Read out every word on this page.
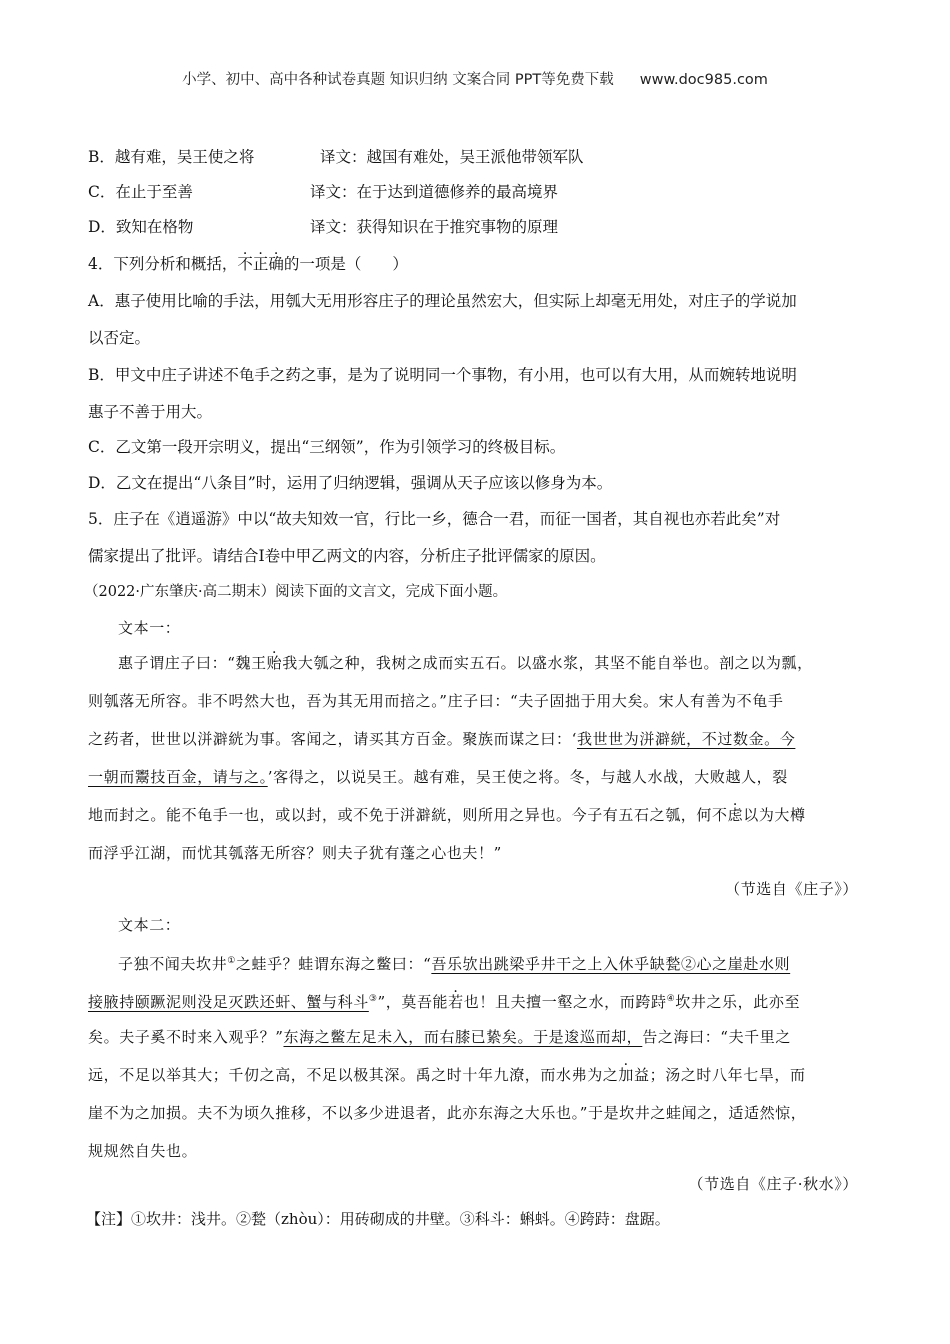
小学、初中、高中各种试卷真题 知识归纳 文案合同 PPT等免费下载 www.doc985.com
B．越有难，吴王使之将	译文：越国有难处，吴王派他带领军队
C．在止于至善	译文：在于达到道德修养的最高境界
D．致知在格物	译文：获得知识在于推究事物的原理
4．下列分析和概括，不正确的一项是（　　）
A．惠子使用比喻的手法，用瓠大无用形容庄子的理论虽然宏大，但实际上却毫无用处，对庄子的学说加
以否定。
B．甲文中庄子讲述不龟手之药之事，是为了说明同一个事物，有小用，也可以有大用，从而婉转地说明
惠子不善于用大。
C．乙文第一段开宗明义，提出“三纲领”，作为引领学习的终极目标。
D．乙文在提出“八条目”时，运用了归纳逻辑，强调从天子应该以修身为本。
5．庄子在《逍遥游》中以“故夫知效一官，行比一乡，德合一君，而征一国者，其自视也亦若此矣”对
儒家提出了批评。请结合Ⅰ卷中甲乙两文的内容，分析庄子批评儒家的原因。
（2022·广东肇庆·高二期末）阅读下面的文言文，完成下面小题。
文本一：
惠子谓庄子曰：“魏王贻我大瓠之种，我树之成而实五石。以盛水浆，其坚不能自举也。剖之以为瓢，
则瓠落无所容。非不呺然大也，吾为其无用而掊之。”庄子曰：“夫子固拙于用大矣。宋人有善为不龟手
之药者，世世以洴澼絖为事。客闻之，请买其方百金。聚族而谋之曰：‘我世世为洴澼絖，不过数金。今
一朝而鬻技百金，请与之。’客得之，以说吴王。越有难，吴王使之将。冬，与越人水战，大败越人，裂
地而封之。能不龟手一也，或以封，或不免于洴澼絖，则所用之异也。今子有五石之瓠，何不虑以为大樽
而浮乎江湖，而忧其瓠落无所容？则夫子犹有蓬之心也夫！”
（节选自《庄子》）
文本二：
子独不闻夫坎井①之蛙乎？蛙谓东海之鳖曰：“吾乐欤出跳梁乎井干之上入休乎缺甃②心之崖赴水则
接腋持颐蹶泥则没足灭跌还虷、蟹与科斗③”，莫吾能若也！且夫擅一壑之水，而跨跱④坎井之乐，此亦至
矣。夫子奚不时来入观乎？”东海之鳖左足未入，而右膝已絷矣。于是逡巡而却，告之海曰：“夫千里之
远，不足以举其大；千仞之高，不足以极其深。禹之时十年九潦，而水弗为之加益；汤之时八年七旱，而
崖不为之加损。夫不为顷久推移，不以多少进退者，此亦东海之大乐也。”于是坎井之蛙闻之，适适然惊，
规规然自失也。
（节选自《庄子·秋水》）
【注】①坎井：浅井。②甃（zhòu）：用砖砌成的井壁。③科斗：蝌蚪。④跨跱：盘踞。
